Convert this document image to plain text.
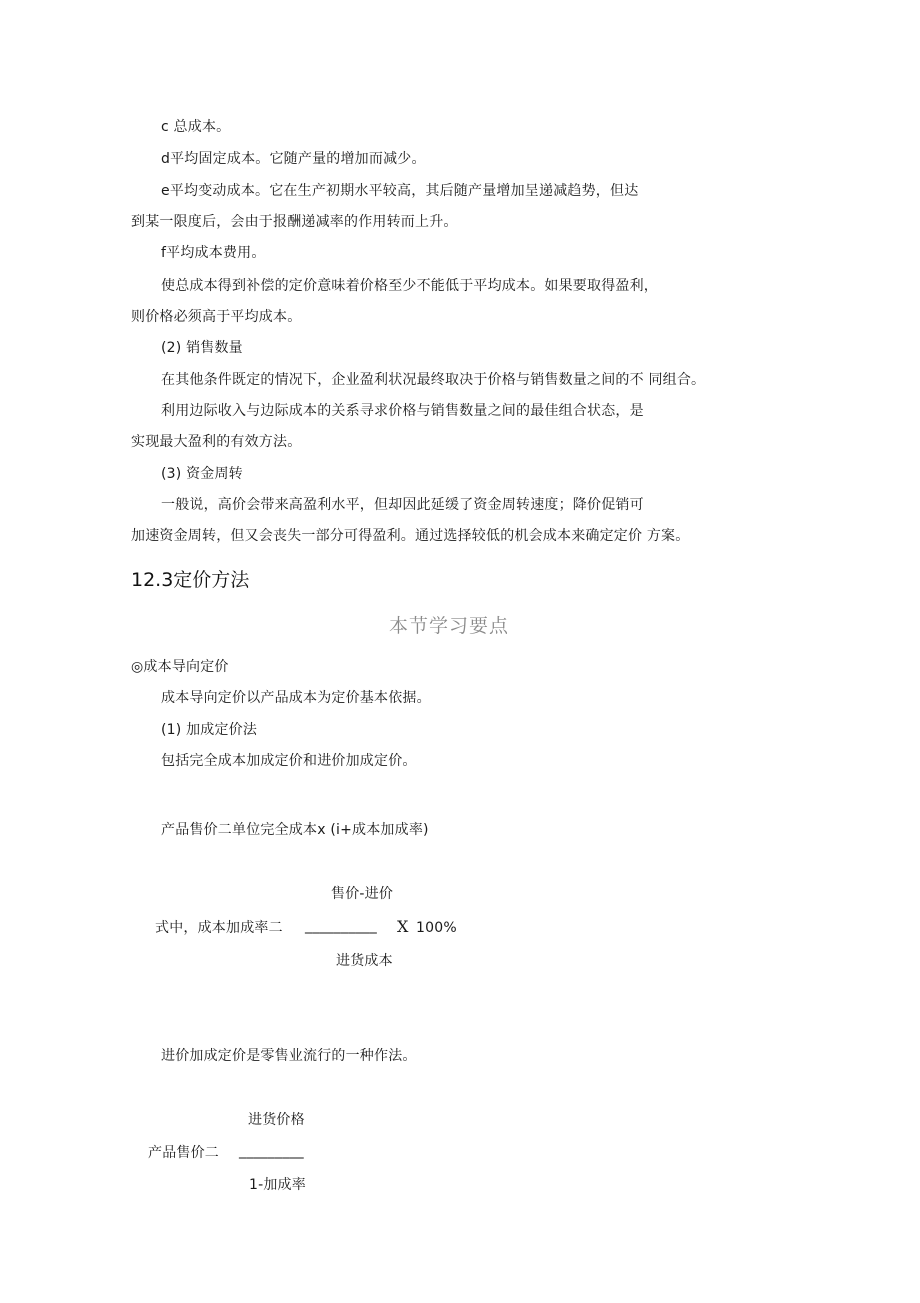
c 总成本。
d平均固定成本。它随产量的增加而减少。
e平均变动成本。它在生产初期水平较高，其后随产量增加呈递减趋势，但达
到某一限度后，会由于报酬递减率的作用转而上升。
f平均成本费用。
使总成本得到补偿的定价意味着价格至少不能低于平均成本。如果要取得盈利，
则价格必须高于平均成本。
(2) 销售数量
在其他条件既定的情况下，企业盈利状况最终取决于价格与销售数量之间的不 同组合。
利用边际收入与边际成本的关系寻求价格与销售数量之间的最佳组合状态，是
实现最大盈利的有效方法。
(3) 资金周转
一般说，高价会带来高盈利水平，但却因此延缓了资金周转速度；降价促销可
加速资金周转，但又会丧失一部分可得盈利。通过选择较低的机会成本来确定定价 方案。
12.3定价方法
本节学习要点
◎成本导向定价
成本导向定价以产品成本为定价基本依据。
(1) 加成定价法
包括完全成本加成定价和进价加成定价。
产品售价二单位完全成本x (i+成本加成率)
售价-进价
式中，成本加成率二 __________ X 100%
进货成本
进价加成定价是零售业流行的一种作法。
进货价格
产品售价二 _________
1-加成率
